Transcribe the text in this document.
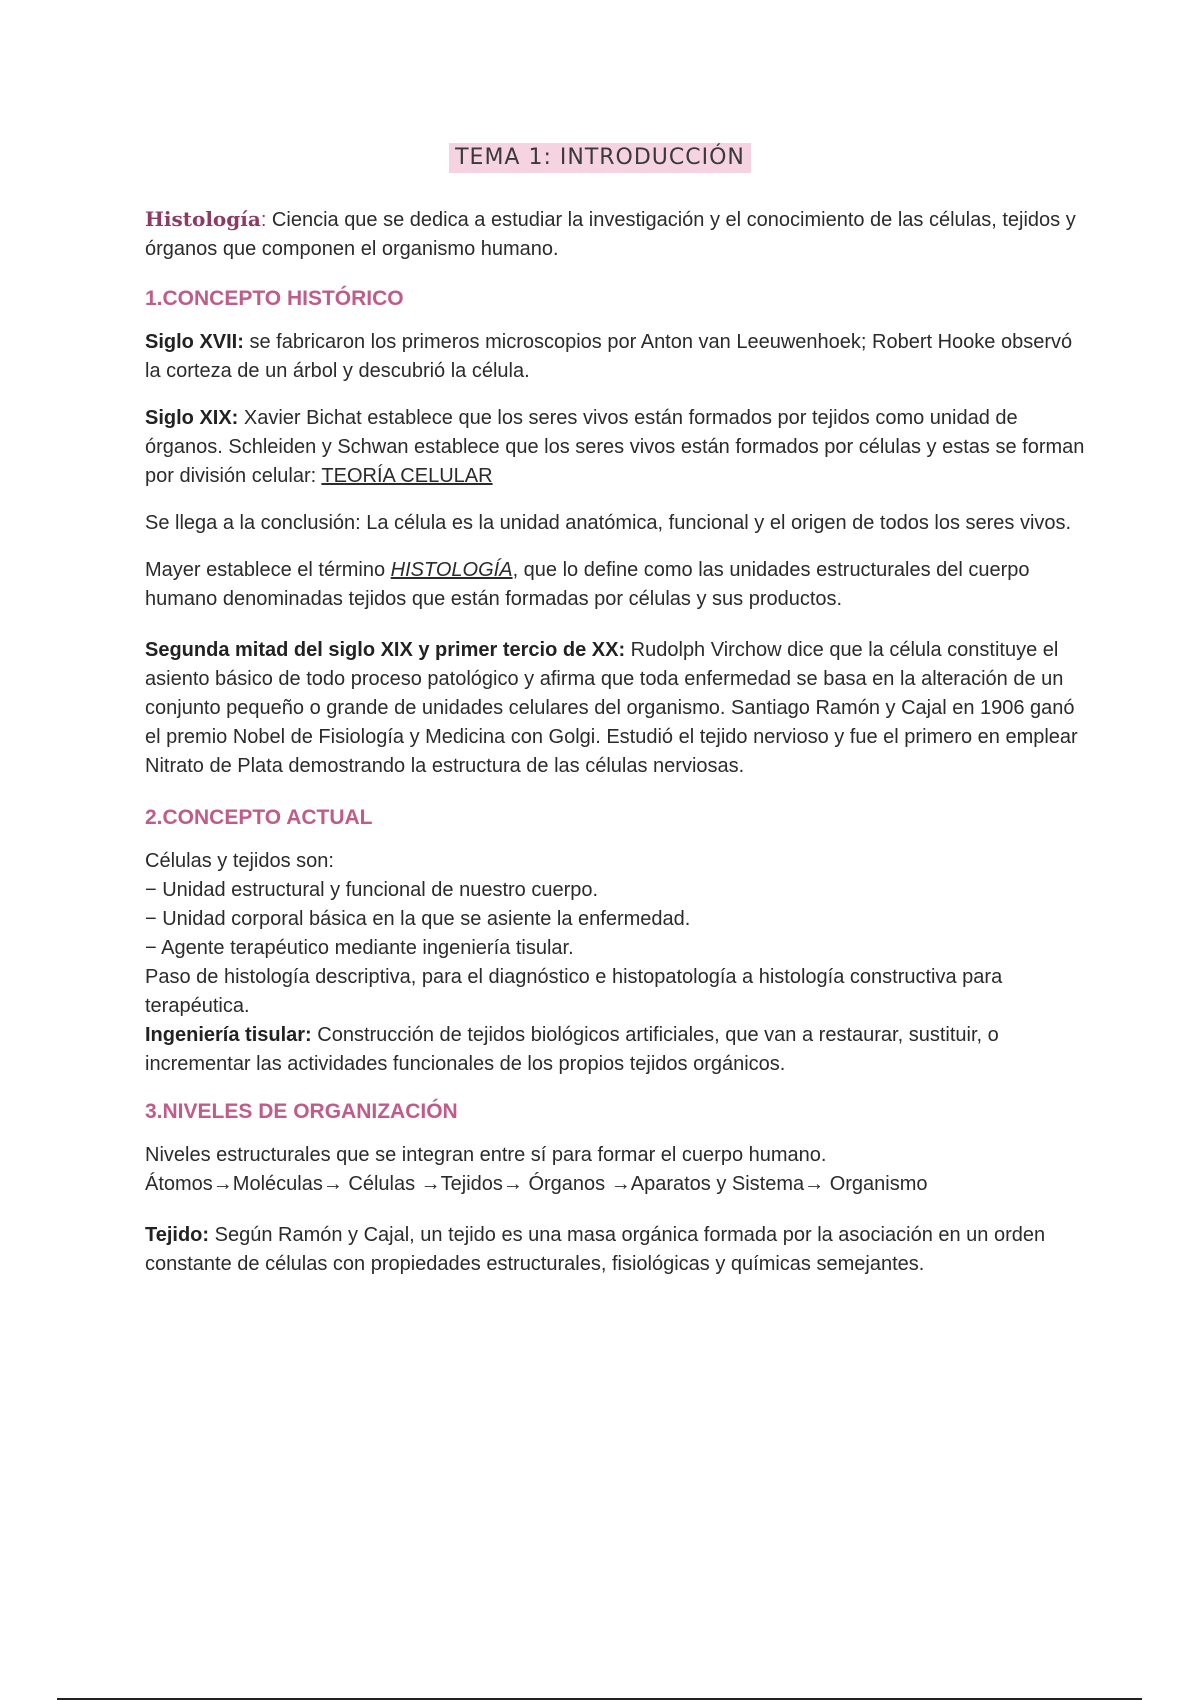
TEMA 1: INTRODUCCIÓN

Histología: Ciencia que se dedica a estudiar la investigación y el conocimiento de las células, tejidos y órganos que componen el organismo humano.

1.CONCEPTO HISTÓRICO

Siglo XVII: se fabricaron los primeros microscopios por Anton van Leeuwenhoek; Robert Hooke observó la corteza de un árbol y descubrió la célula.

Siglo XIX: Xavier Bichat establece que los seres vivos están formados por tejidos como unidad de órganos. Schleiden y Schwan establece que los seres vivos están formados por células y estas se forman por división celular: TEORÍA CELULAR

Se llega a la conclusión: La célula es la unidad anatómica, funcional y el origen de todos los seres vivos.

Mayer establece el término HISTOLOGÍA, que lo define como las unidades estructurales del cuerpo humano denominadas tejidos que están formadas por células y sus productos.

Segunda mitad del siglo XIX y primer tercio de XX: Rudolph Virchow dice que la célula constituye el asiento básico de todo proceso patológico y afirma que toda enfermedad se basa en la alteración de un conjunto pequeño o grande de unidades celulares del organismo. Santiago Ramón y Cajal en 1906 ganó el premio Nobel de Fisiología y Medicina con Golgi. Estudió el tejido nervioso y fue el primero en emplear Nitrato de Plata demostrando la estructura de las células nerviosas.

2.CONCEPTO ACTUAL
Células y tejidos son:
− Unidad estructural y funcional de nuestro cuerpo.
− Unidad corporal básica en la que se asiente la enfermedad.
− Agente terapéutico mediante ingeniería tisular.
Paso de histología descriptiva, para el diagnóstico e histopatología a histología constructiva para terapéutica.
Ingeniería tisular: Construcción de tejidos biológicos artificiales, que van a restaurar, sustituir, o incrementar las actividades funcionales de los propios tejidos orgánicos.
3.NIVELES DE ORGANIZACIÓN
Niveles estructurales que se integran entre sí para formar el cuerpo humano.
Átomos→Moléculas→ Células →Tejidos→ Órganos →Aparatos y Sistema→ Organismo

Tejido: Según Ramón y Cajal, un tejido es una masa orgánica formada por la asociación en un orden constante de células con propiedades estructurales, fisiológicas y químicas semejantes.
